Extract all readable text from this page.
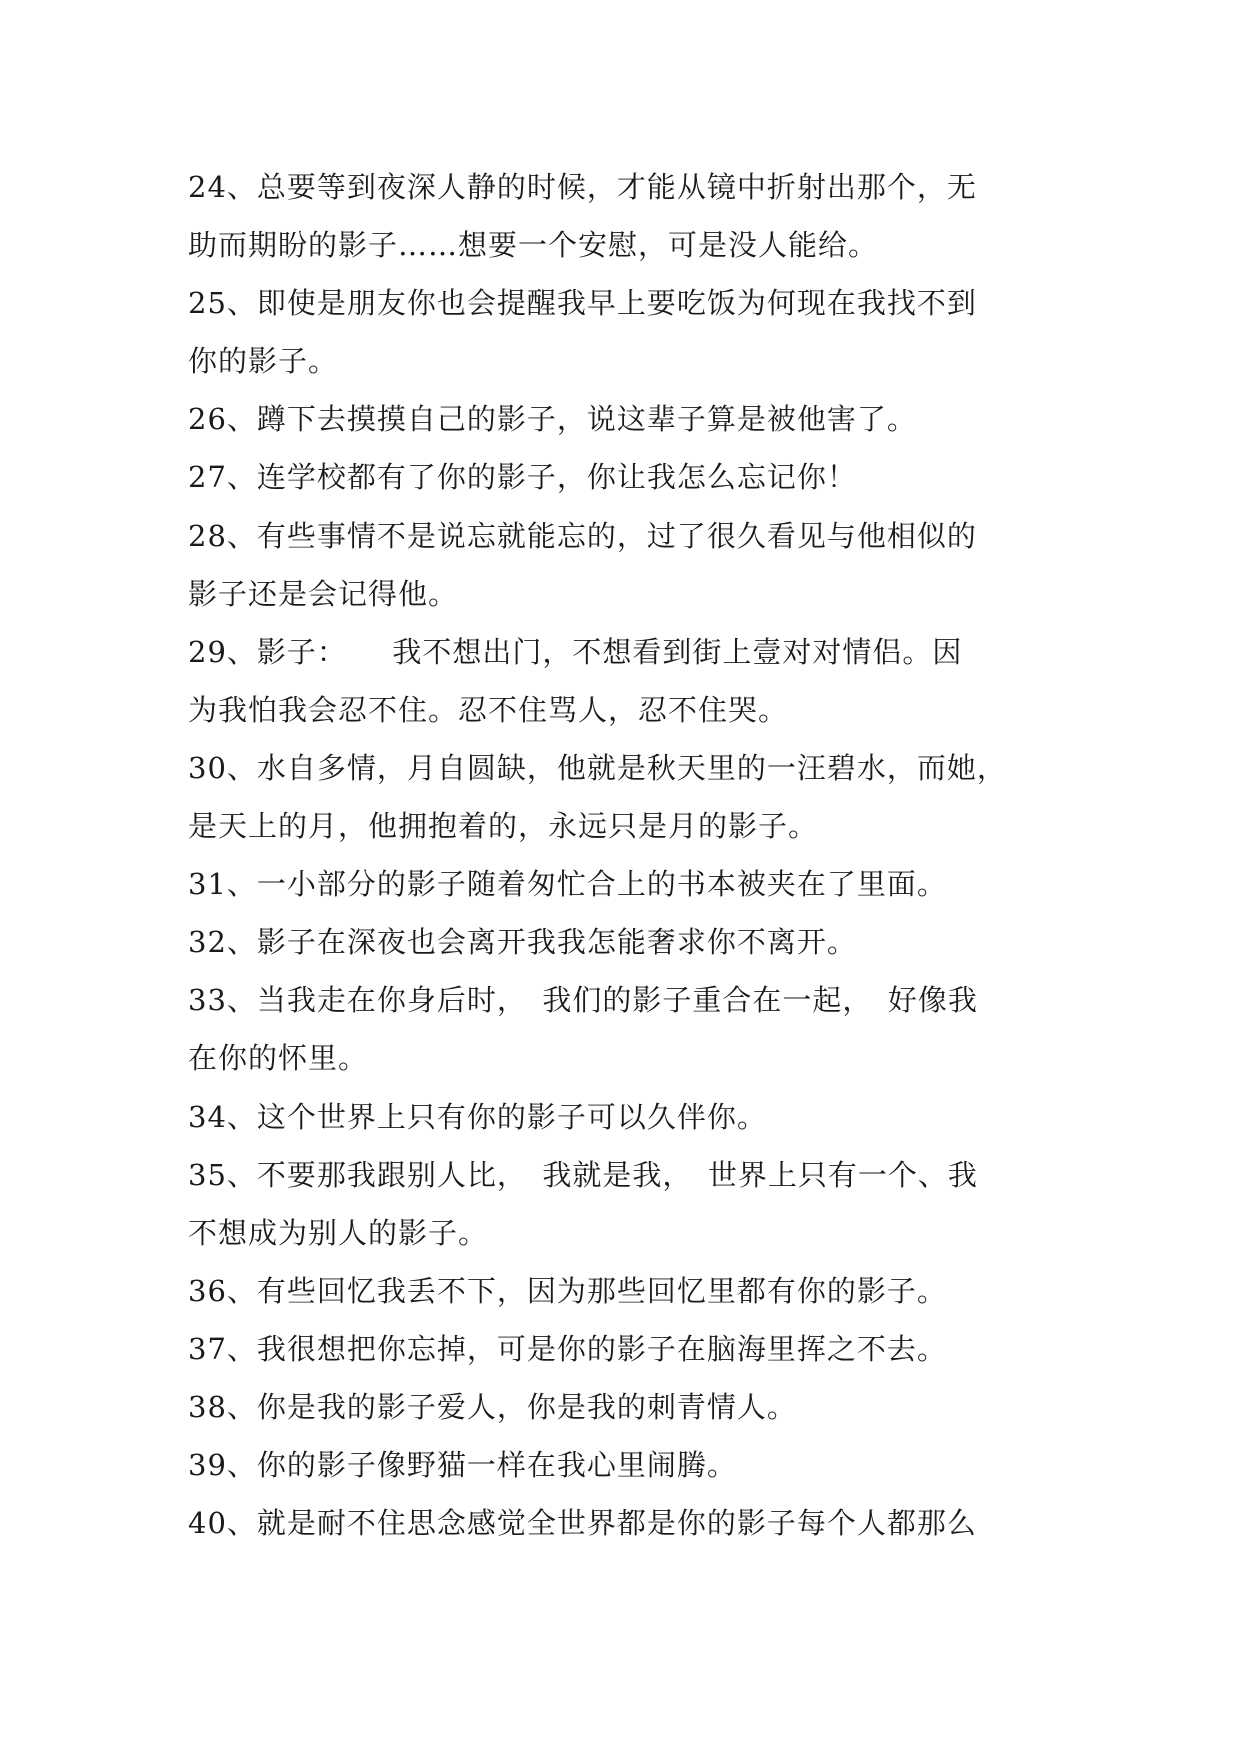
24、总要等到夜深人静的时候，才能从镜中折射出那个，无
助而期盼的影子……想要一个安慰，可是没人能给。
25、即使是朋友你也会提醒我早上要吃饭为何现在我找不到
你的影子。
26、蹲下去摸摸自己的影子，说这辈子算是被他害了。
27、连学校都有了你的影子，你让我怎么忘记你！
28、有些事情不是说忘就能忘的，过了很久看见与他相似的
影子还是会记得他。
29、影子：　　我不想出门，不想看到街上壹对对情侣。因
为我怕我会忍不住。忍不住骂人，忍不住哭。
30、水自多情，月自圆缺，他就是秋天里的一汪碧水，而她，
是天上的月，他拥抱着的，永远只是月的影子。
31、一小部分的影子随着匆忙合上的书本被夹在了里面。
32、影子在深夜也会离开我我怎能奢求你不离开。
33、当我走在你身后时，　我们的影子重合在一起，　好像我
在你的怀里。
34、这个世界上只有你的影子可以久伴你。
35、不要那我跟别人比，　我就是我，　世界上只有一个、我
不想成为别人的影子。
36、有些回忆我丢不下，因为那些回忆里都有你的影子。
37、我很想把你忘掉，可是你的影子在脑海里挥之不去。
38、你是我的影子爱人，你是我的刺青情人。
39、你的影子像野猫一样在我心里闹腾。
40、就是耐不住思念感觉全世界都是你的影子每个人都那么
